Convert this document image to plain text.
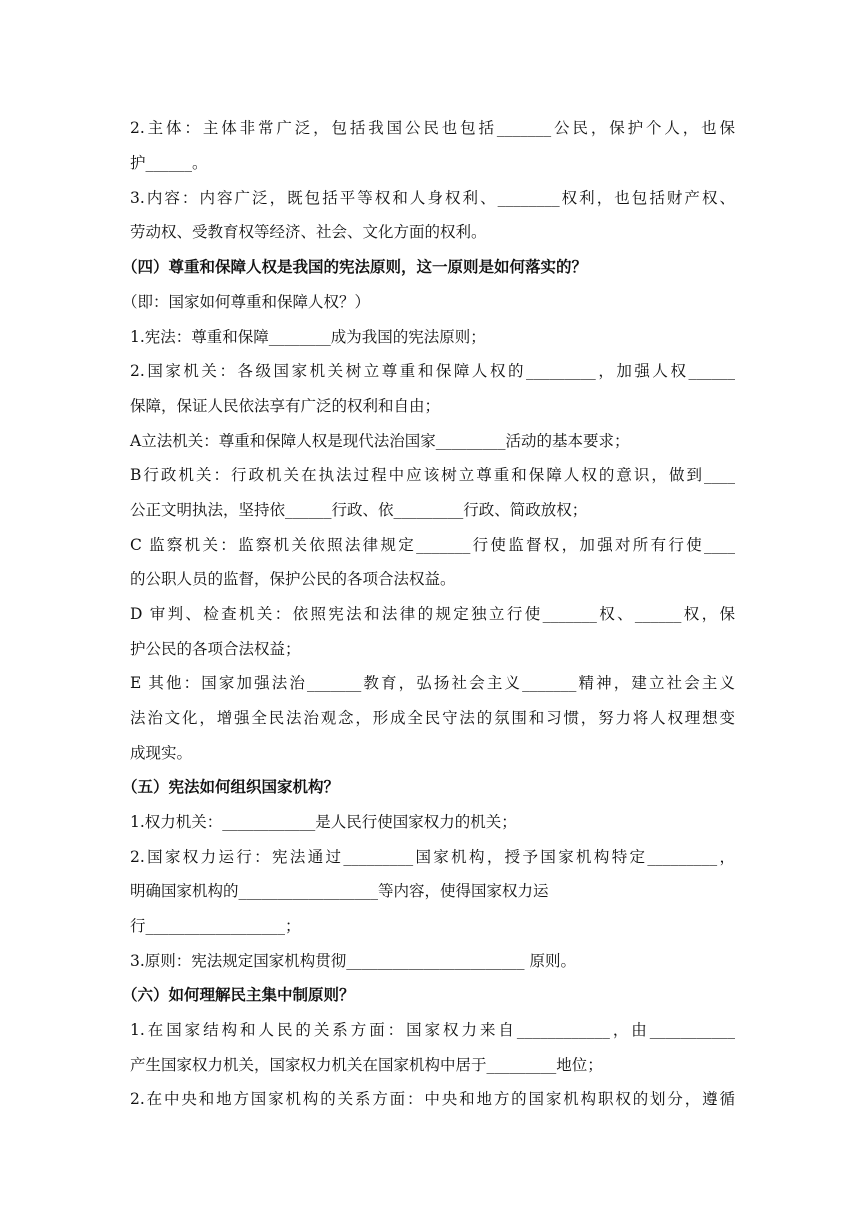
2.主体：主体非常广泛，包括我国公民也包括_______公民，保护个人，也保
护______。
3.内容：内容广泛，既包括平等权和人身权利、________权利，也包括财产权、
劳动权、受教育权等经济、社会、文化方面的权利。
（四）尊重和保障人权是我国的宪法原则，这一原则是如何落实的？
（即：国家如何尊重和保障人权？）
1.宪法：尊重和保障________成为我国的宪法原则；
2.国家机关：各级国家机关树立尊重和保障人权的_________，加强人权______
保障，保证人民依法享有广泛的权利和自由；
A立法机关：尊重和保障人权是现代法治国家_________活动的基本要求；
B行政机关：行政机关在执法过程中应该树立尊重和保障人权的意识，做到____
公正文明执法，坚持依______行政、依_________行政、简政放权；
C 监察机关：监察机关依照法律规定_______行使监督权，加强对所有行使____
的公职人员的监督，保护公民的各项合法权益。
D 审判、检查机关：依照宪法和法律的规定独立行使_______权、______权，保
护公民的各项合法权益；
E 其他：国家加强法治_______教育，弘扬社会主义_______精神，建立社会主义
法治文化，增强全民法治观念，形成全民守法的氛围和习惯，努力将人权理想变
成现实。
（五）宪法如何组织国家机构？
1.权力机关：____________是人民行使国家权力的机关；
2.国家权力运行：宪法通过_________国家机构，授予国家机构特定_________，
明确国家机构的__________________等内容，使得国家权力运
行__________________；
3.原则：宪法规定国家机构贯彻_______________________ 原则。
（六）如何理解民主集中制原则？
1.在国家结构和人民的关系方面：国家权力来自____________，由___________
产生国家权力机关，国家权力机关在国家机构中居于_________地位；
2.在中央和地方国家机构的关系方面：中央和地方的国家机构职权的划分，遵循
